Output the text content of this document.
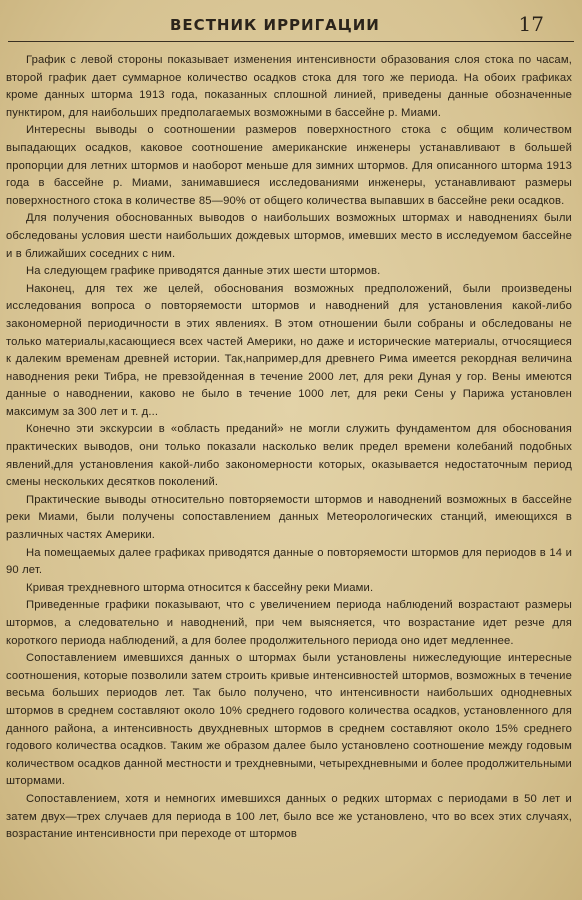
ВЕСТНИК ИРРИГАЦИИ	17

График с левой стороны показывает изменения интенсивности образования слоя стока по часам, второй график дает суммарное количество осадков стока для того же периода. На обоих графиках кроме данных шторма 1913 года, показанных сплошной линией, приведены данные обозначенные пунктиром, для наибольших предполагаемых возможными в бассейне р. Миами.

Интересны выводы о соотношении размеров поверхностного стока с общим количеством выпадающих осадков, каковое соотношение американские инженеры устанавливают в большей пропорции для летних штормов и наоборот меньше для зимних штормов. Для описанного шторма 1913 года в бассейне р. Миами, занимавшиеся исследованиями инженеры, устанавливают размеры поверхностного стока в количестве 85—90% от общего количества выпавших в бассейне реки осадков.

Для получения обоснованных выводов о наибольших возможных штормах и наводнениях были обследованы условия шести наибольших дождевых штормов, имевших место в исследуемом бассейне и в ближайших соседних с ним.

На следующем графике приводятся данные этих шести штормов.

Наконец, для тех же целей, обоснования возможных предположений, были произведены исследования вопроса о повторяемости штормов и наводнений для установления какой-либо закономерной периодичности в этих явлениях. В этом отношении были собраны и обследованы не только материалы,касающиеся всех частей Америки, но даже и исторические материалы, отчосящиеся к далеким временам древней истории. Так,например,для древнего Рима имеется рекордная величина наводнения реки Тибра, не превзойденная в течение 2000 лет, для реки Дуная у гор. Вены имеются данные о наводнении, каково не было в течение 1000 лет, для реки Сены у Парижа установлен максимум за 300 лет и т. д...

Конечно эти экскурсии в «область преданий» не могли служить фундаментом для обоснования практических выводов, они только показали насколько велик предел времени колебаний подобных явлений,для установления какой-либо закономерности которых, оказывается недостаточным период смены нескольких десятков поколений.

Практические выводы относительно повторяемости штормов и наводнений возможных в бассейне реки Миами, были получены сопоставлением данных Метеорологических станций, имеющихся в различных частях Америки.

На помещаемых далее графиках приводятся данные о повторяемости штормов для периодов в 14 и 90 лет.

Кривая трехдневного шторма относится к бассейну реки Миами.

Приведенные графики показывают, что с увеличением периода наблюдений возрастают размеры штормов, а следовательно и наводнений, при чем выясняется, что возрастание идет резче для короткого периода наблюдений, а для более продолжительного периода оно идет медленнее.

Сопоставлением имевшихся данных о штормах были установлены нижеследующие интересные соотношения, которые позволили затем строить кривые интенсивностей штормов, возможных в течение весьма больших периодов лет. Так было получено, что интенсивности наибольших однодневных штормов в среднем составляют около 10% среднего годового количества осадков, установленного для данного района, а интенсивность двухдневных штормов в среднем составляют около 15% среднего годового количества осадков. Таким же образом далее было установлено соотношение между годовым количеством осадков данной местности и трехдневными, четырехдневными и более продолжительными штормами.

Сопоставлением, хотя и немногих имевшихся данных о редких штормах с периодами в 50 лет и затем двух—трех случаев для периода в 100 лет, было все же установлено, что во всех этих случаях, возрастание интенсивности при переходе от штормов
